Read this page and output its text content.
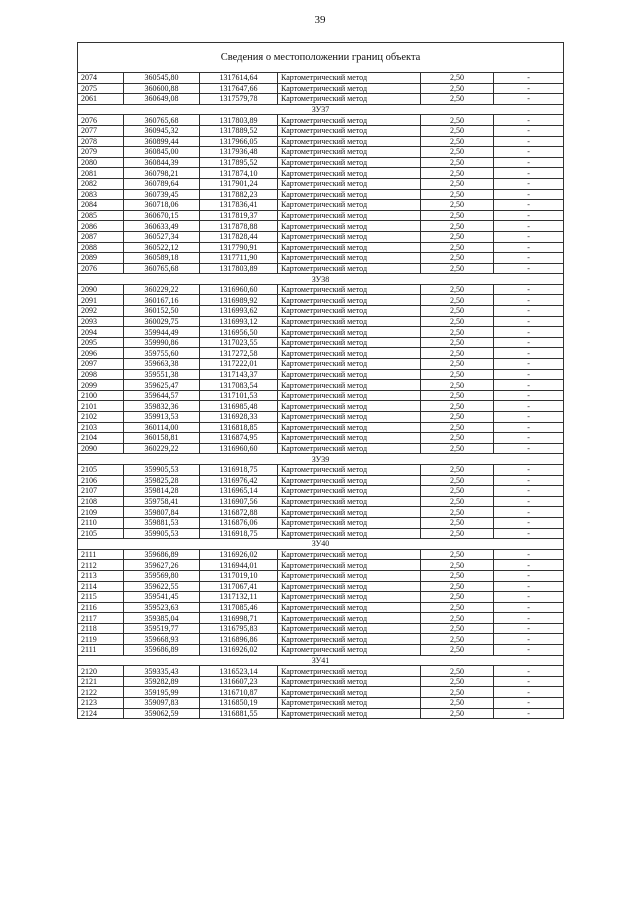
39
Сведения о местоположении границ объекта					
2074	360545,80	1317614,64	Картометрический метод	2,50	-
2075	360600,88	1317647,66	Картометрический метод	2,50	-
2061	360649,08	1317579,78	Картометрический метод	2,50	-
ЗУ37					
2076	360765,68	1317803,89	Картометрический метод	2,50	-
2077	360945,32	1317889,52	Картометрический метод	2,50	-
2078	360899,44	1317966,05	Картометрический метод	2,50	-
2079	360845,00	1317936,48	Картометрический метод	2,50	-
2080	360844,39	1317895,52	Картометрический метод	2,50	-
2081	360798,21	1317874,10	Картометрический метод	2,50	-
2082	360789,64	1317901,24	Картометрический метод	2,50	-
2083	360739,45	1317882,23	Картометрический метод	2,50	-
2084	360718,06	1317836,41	Картометрический метод	2,50	-
2085	360670,15	1317819,37	Картометрический метод	2,50	-
2086	360633,49	1317878,88	Картометрический метод	2,50	-
2087	360527,34	1317828,44	Картометрический метод	2,50	-
2088	360522,12	1317790,91	Картометрический метод	2,50	-
2089	360589,18	1317711,90	Картометрический метод	2,50	-
2076	360765,68	1317803,89	Картометрический метод	2,50	-
ЗУ38					
2090	360229,22	1316960,60	Картометрический метод	2,50	-
2091	360167,16	1316989,92	Картометрический метод	2,50	-
2092	360152,50	1316993,62	Картометрический метод	2,50	-
2093	360029,75	1316993,12	Картометрический метод	2,50	-
2094	359944,49	1316956,50	Картометрический метод	2,50	-
2095	359990,86	1317023,55	Картометрический метод	2,50	-
2096	359755,60	1317272,58	Картометрический метод	2,50	-
2097	359663,38	1317222,01	Картометрический метод	2,50	-
2098	359551,38	1317143,37	Картометрический метод	2,50	-
2099	359625,47	1317083,54	Картометрический метод	2,50	-
2100	359644,57	1317101,53	Картометрический метод	2,50	-
2101	359832,36	1316985,48	Картометрический метод	2,50	-
2102	359913,53	1316928,33	Картометрический метод	2,50	-
2103	360114,00	1316818,85	Картометрический метод	2,50	-
2104	360158,81	1316874,95	Картометрический метод	2,50	-
2090	360229,22	1316960,60	Картометрический метод	2,50	-
ЗУ39					
2105	359905,53	1316918,75	Картометрический метод	2,50	-
2106	359825,28	1316976,42	Картометрический метод	2,50	-
2107	359814,28	1316965,14	Картометрический метод	2,50	-
2108	359758,41	1316907,56	Картометрический метод	2,50	-
2109	359807,84	1316872,88	Картометрический метод	2,50	-
2110	359881,53	1316876,06	Картометрический метод	2,50	-
2105	359905,53	1316918,75	Картометрический метод	2,50	-
ЗУ40					
2111	359686,89	1316926,02	Картометрический метод	2,50	-
2112	359627,26	1316944,01	Картометрический метод	2,50	-
2113	359569,80	1317019,10	Картометрический метод	2,50	-
2114	359622,55	1317067,41	Картометрический метод	2,50	-
2115	359541,45	1317132,11	Картометрический метод	2,50	-
2116	359523,63	1317085,46	Картометрический метод	2,50	-
2117	359385,04	1316998,71	Картометрический метод	2,50	-
2118	359519,77	1316795,83	Картометрический метод	2,50	-
2119	359668,93	1316896,86	Картометрический метод	2,50	-
2111	359686,89	1316926,02	Картометрический метод	2,50	-
ЗУ41					
2120	359335,43	1316523,14	Картометрический метод	2,50	-
2121	359282,89	1316607,23	Картометрический метод	2,50	-
2122	359195,99	1316710,87	Картометрический метод	2,50	-
2123	359097,83	1316850,19	Картометрический метод	2,50	-
2124	359062,59	1316881,55	Картометрический метод	2,50	-
